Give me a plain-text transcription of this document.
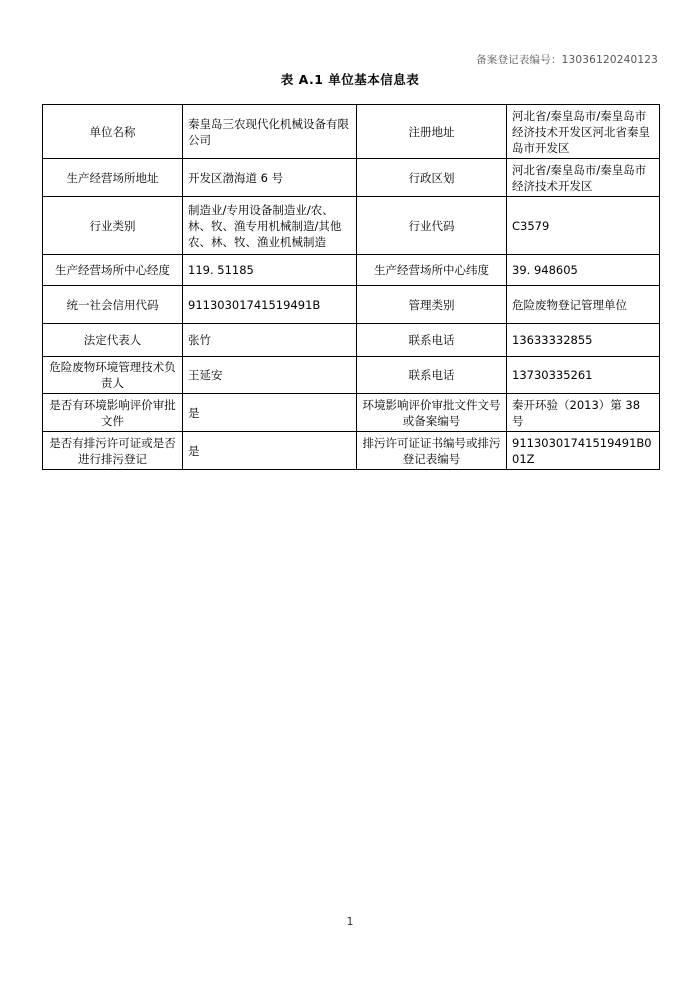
备案登记表编号：13036120240123
表 A.1 单位基本信息表
单位名称	秦皇岛三农现代化机械设备有限公司	注册地址	河北省/秦皇岛市/秦皇岛市经济技术开发区河北省秦皇岛市开发区
生产经营场所地址	开发区渤海道 6 号	行政区划	河北省/秦皇岛市/秦皇岛市经济技术开发区
行业类别	制造业/专用设备制造业/农、林、牧、渔专用机械制造/其他农、林、牧、渔业机械制造	行业代码	C3579
生产经营场所中心经度	119. 51185	生产经营场所中心纬度	39. 948605
统一社会信用代码	91130301741519491B	管理类别	危险废物登记管理单位
法定代表人	张竹	联系电话	13633332855
危险废物环境管理技术负责人	王延安	联系电话	13730335261
是否有环境影响评价审批文件	是	环境影响评价审批文件文号或备案编号	秦开环验（2013）第 38 号
是否有排污许可证或是否进行排污登记	是	排污许可证证书编号或排污登记表编号	91130301741519491B001Z
1
